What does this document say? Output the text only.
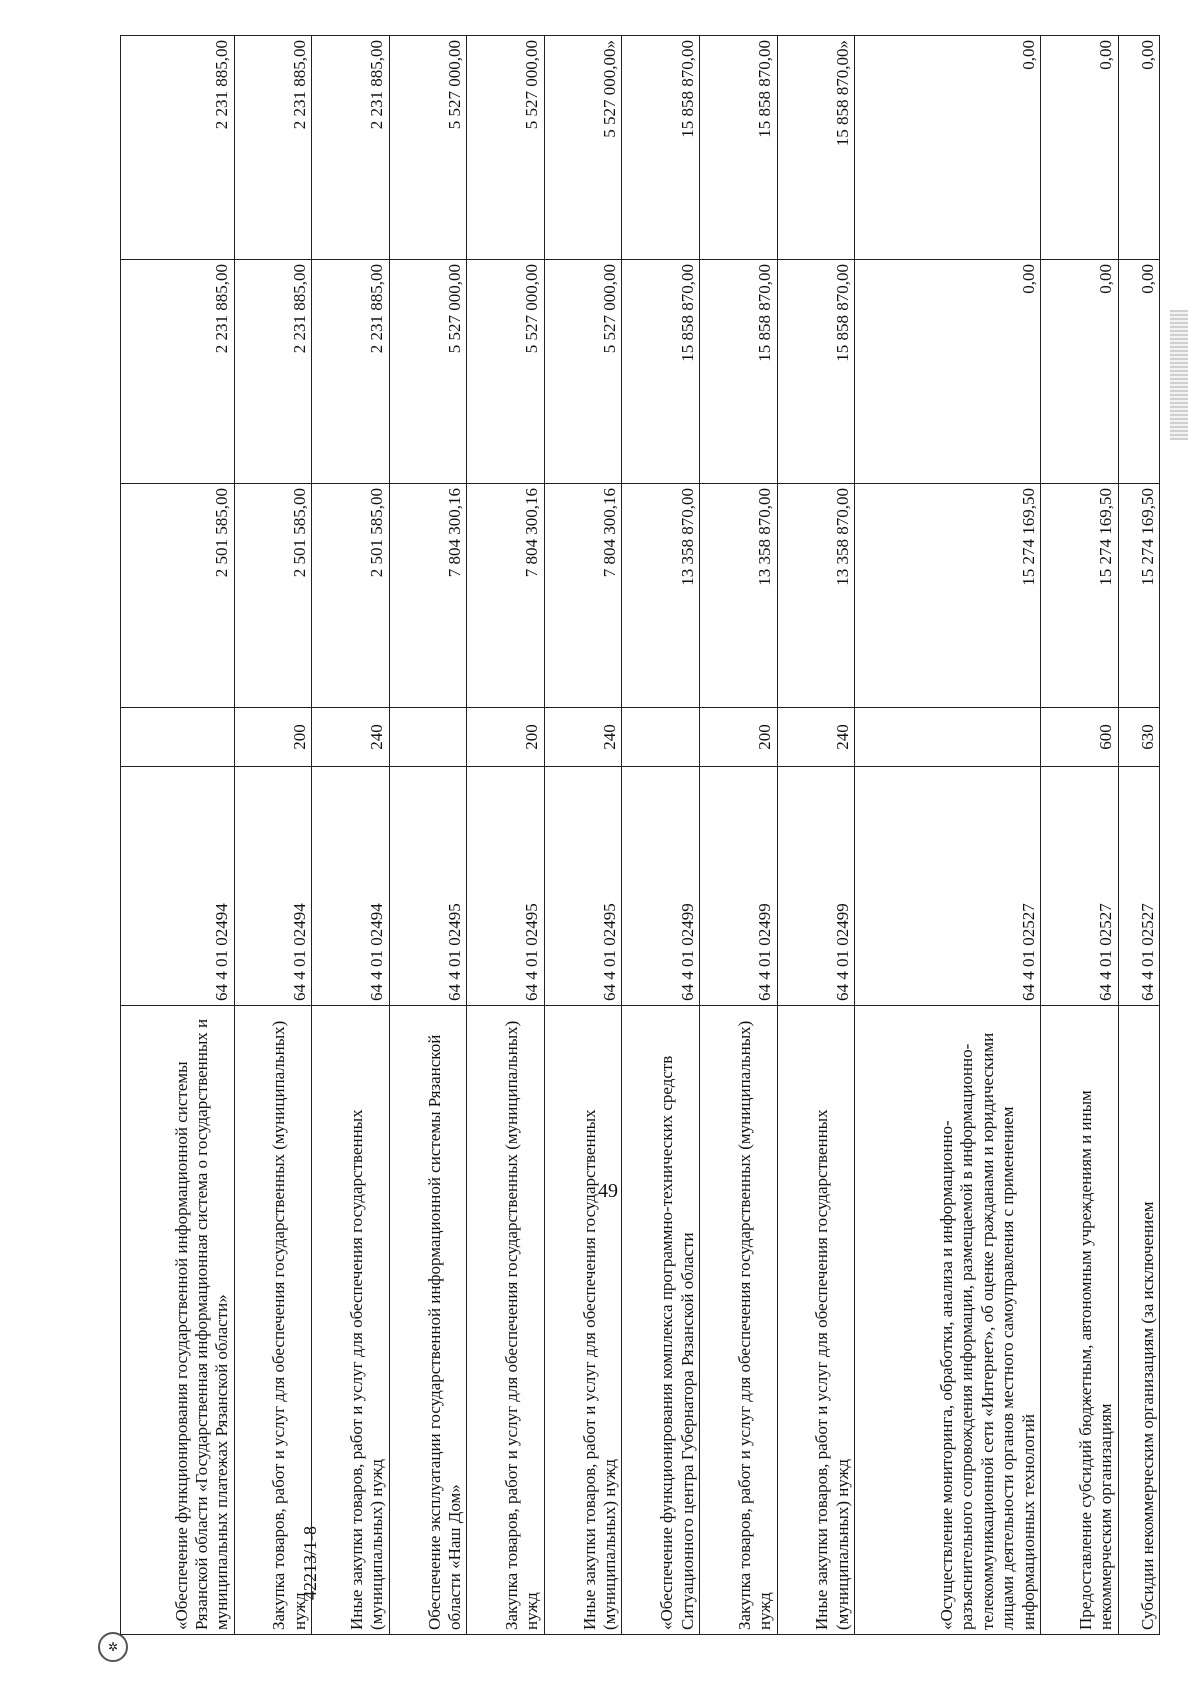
49
✲
42213/1-8
«Обеспечение функционирования государственной информационной системы Рязанской области «Государственная информационная система о государственных и муниципальных платежах Рязанской области»	64 4 01 02494		2 501 585,00	2 231 885,00	2 231 885,00
Закупка товаров, работ и услуг для обеспечения государственных (муниципальных) нужд	64 4 01 02494	200	2 501 585,00	2 231 885,00	2 231 885,00
Иные закупки товаров, работ и услуг для обеспечения государственных (муниципальных) нужд	64 4 01 02494	240	2 501 585,00	2 231 885,00	2 231 885,00
Обеспечение эксплуатации государственной информационной системы Рязанской области «Наш Дом»	64 4 01 02495		7 804 300,16	5 527 000,00	5 527 000,00
Закупка товаров, работ и услуг для обеспечения государственных (муниципальных) нужд	64 4 01 02495	200	7 804 300,16	5 527 000,00	5 527 000,00
Иные закупки товаров, работ и услуг для обеспечения государственных (муниципальных) нужд	64 4 01 02495	240	7 804 300,16	5 527 000,00	5 527 000,00»
«Обеспечение функционирования комплекса программно-технических средств Ситуационного центра Губернатора Рязанской области	64 4 01 02499		13 358 870,00	15 858 870,00	15 858 870,00
Закупка товаров, работ и услуг для обеспечения государственных (муниципальных) нужд	64 4 01 02499	200	13 358 870,00	15 858 870,00	15 858 870,00
Иные закупки товаров, работ и услуг для обеспечения государственных (муниципальных) нужд	64 4 01 02499	240	13 358 870,00	15 858 870,00	15 858 870,00»
«Осуществление мониторинга, обработки, анализа и информационно-разъяснительного сопровождения информации, размещаемой в информационно-телекоммуникационной сети «Интернет», об оценке гражданами и юридическими лицами деятельности органов местного самоуправления с применением информационных технологий	64 4 01 02527		15 274 169,50	0,00	0,00
Предоставление субсидий бюджетным, автономным учреждениям и иным некоммерческим организациям	64 4 01 02527	600	15 274 169,50	0,00	0,00
Субсидии некоммерческим организациям (за исключением	64 4 01 02527	630	15 274 169,50	0,00	0,00
